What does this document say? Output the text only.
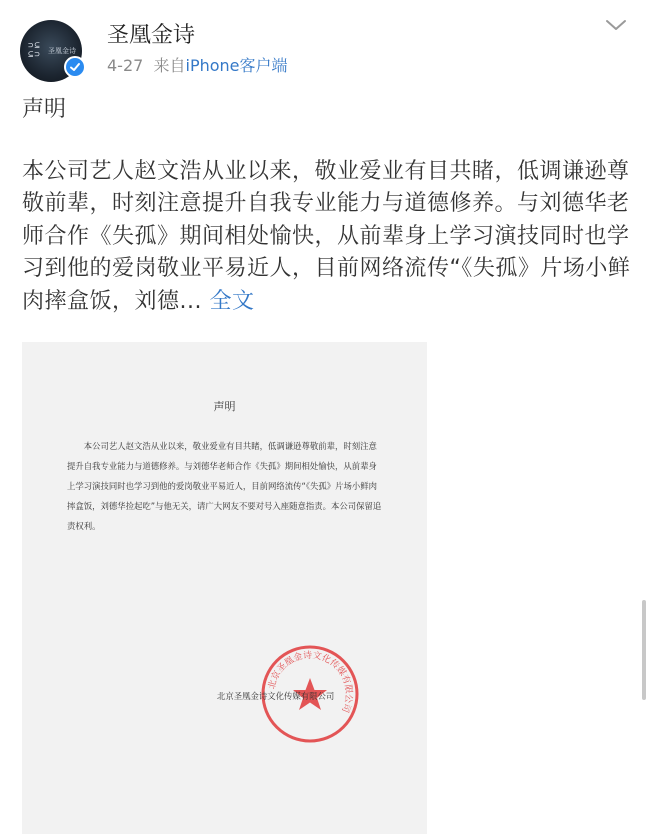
⊃⊆
⊆⊃ 圣凰金诗
圣凰金诗
4-27 来自iPhone客户端
声明
本公司艺人赵文浩从业以来，敬业爱业有目共睹，低调谦逊尊敬前辈，时刻注意提升自我专业能力与道德修养。与刘德华老师合作《失孤》期间相处愉快，从前辈身上学习演技同时也学习到他的爱岗敬业平易近人，目前网络流传“《失孤》片场小鲜肉摔盒饭，刘德... 全文
声明
本公司艺人赵文浩从业以来，敬业爱业有目共睹，低调谦逊尊敬前辈，时刻注意提升自我专业能力与道德修养。与刘德华老师合作《失孤》期间相处愉快，从前辈身上学习演技同时也学习到他的爱岗敬业平易近人，目前网络流传“《失孤》片场小鲜肉摔盒饭，刘德华捡起吃”与他无关，请广大网友不要对号入座随意指责。本公司保留追责权利。
北京圣凰金诗文化传媒有限公司
北京圣凰金诗文化传媒有限公司
